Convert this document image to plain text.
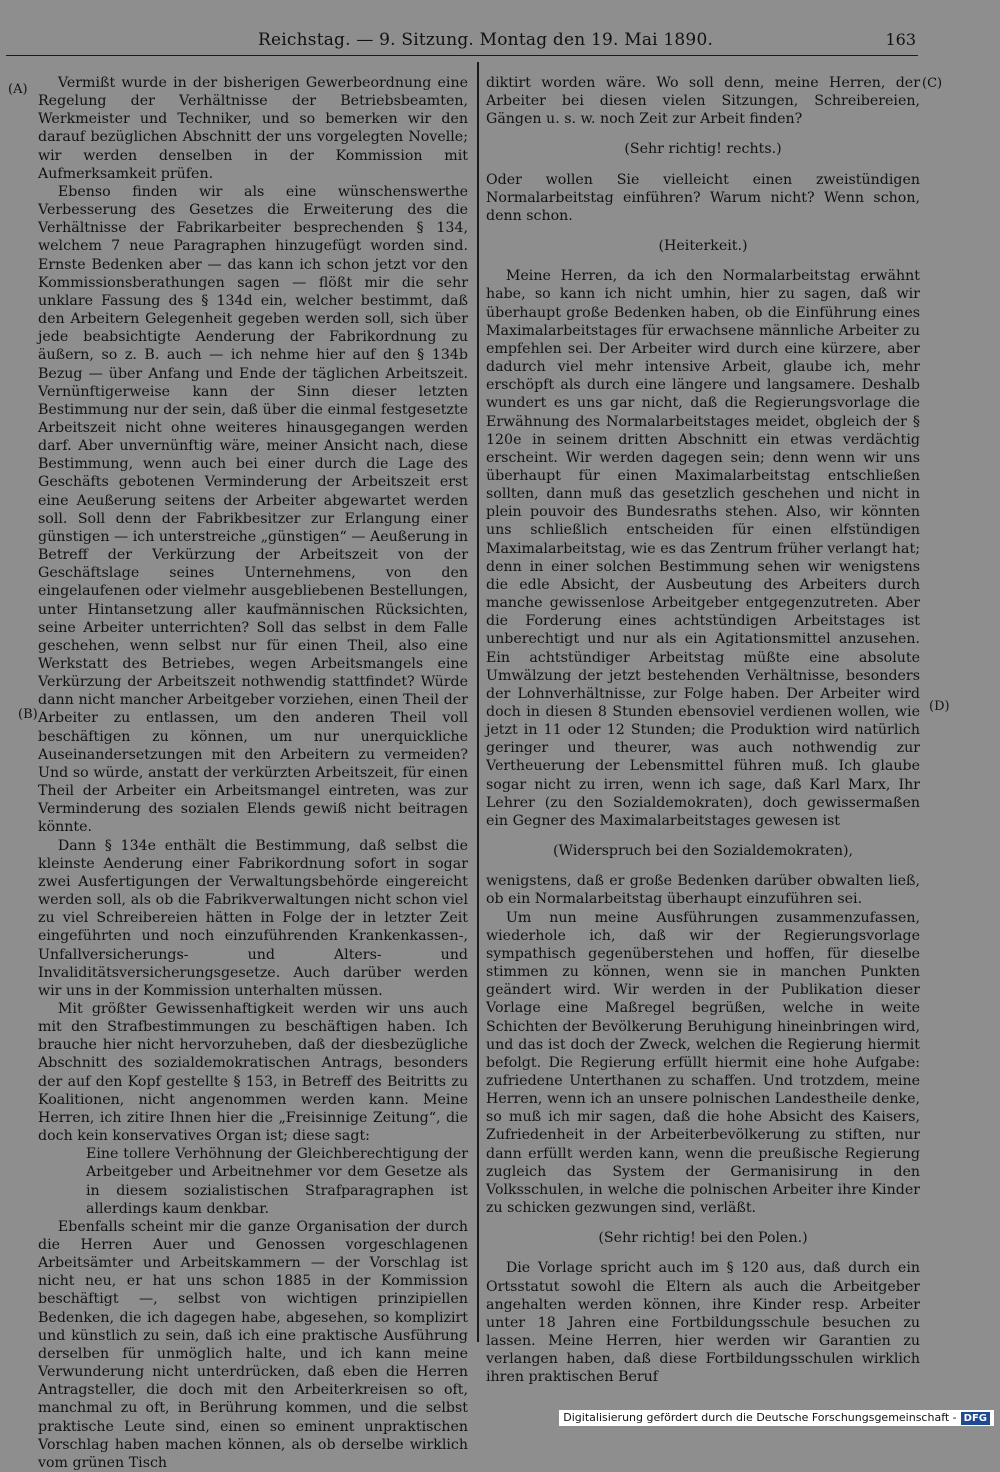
Reichstag. — 9. Sitzung. Montag den 19. Mai 1890.	163
(A)
(B)
(C)
(D)

Vermißt wurde in der bisherigen Gewerbeordnung eine Regelung der Verhältnisse der Betriebsbeamten, Werkmeister und Techniker, und so bemerken wir den darauf bezüglichen Abschnitt der uns vorgelegten Novelle; wir werden denselben in der Kommission mit Aufmerksamkeit prüfen.

Ebenso finden wir als eine wünschenswerthe Verbesserung des Gesetzes die Erweiterung des die Verhältnisse der Fabrikarbeiter besprechenden § 134, welchem 7 neue Paragraphen hinzugefügt worden sind. Ernste Bedenken aber — das kann ich schon jetzt vor den Kommissionsberathungen sagen — flößt mir die sehr unklare Fassung des § 134d ein, welcher bestimmt, daß den Arbeitern Gelegenheit gegeben werden soll, sich über jede beabsichtigte Aenderung der Fabrikordnung zu äußern, so z. B. auch — ich nehme hier auf den § 134b Bezug — über Anfang und Ende der täglichen Arbeitszeit. Vernünftigerweise kann der Sinn dieser letzten Bestimmung nur der sein, daß über die einmal festgesetzte Arbeitszeit nicht ohne weiteres hinausgegangen werden darf. Aber unvernünftig wäre, meiner Ansicht nach, diese Bestimmung, wenn auch bei einer durch die Lage des Geschäfts gebotenen Verminderung der Arbeitszeit erst eine Aeußerung seitens der Arbeiter abgewartet werden soll. Soll denn der Fabrikbesitzer zur Erlangung einer günstigen — ich unterstreiche „günstigen“ — Aeußerung in Betreff der Verkürzung der Arbeitszeit von der Geschäftslage seines Unternehmens, von den eingelaufenen oder vielmehr ausgebliebenen Bestellungen, unter Hintansetzung aller kaufmännischen Rücksichten, seine Arbeiter unterrichten? Soll das selbst in dem Falle geschehen, wenn selbst nur für einen Theil, also eine Werkstatt des Betriebes, wegen Arbeitsmangels eine Verkürzung der Arbeitszeit nothwendig stattfindet? Würde dann nicht mancher Arbeitgeber vorziehen, einen Theil der Arbeiter zu entlassen, um den anderen Theil voll beschäftigen zu können, um nur unerquickliche Auseinandersetzungen mit den Arbeitern zu vermeiden? Und so würde, anstatt der verkürzten Arbeitszeit, für einen Theil der Arbeiter ein Arbeitsmangel eintreten, was zur Verminderung des sozialen Elends gewiß nicht beitragen könnte.

Dann § 134e enthält die Bestimmung, daß selbst die kleinste Aenderung einer Fabrikordnung sofort in sogar zwei Ausfertigungen der Verwaltungsbehörde eingereicht werden soll, als ob die Fabrikverwaltungen nicht schon viel zu viel Schreibereien hätten in Folge der in letzter Zeit eingeführten und noch einzuführenden Krankenkassen-, Unfallversicherungs- und Alters- und Invaliditätsversicherungsgesetze. Auch darüber werden wir uns in der Kommission unterhalten müssen.

Mit größter Gewissenhaftigkeit werden wir uns auch mit den Strafbestimmungen zu beschäftigen haben. Ich brauche hier nicht hervorzuheben, daß der diesbezügliche Abschnitt des sozialdemokratischen Antrags, besonders der auf den Kopf gestellte § 153, in Betreff des Beitritts zu Koalitionen, nicht angenommen werden kann. Meine Herren, ich zitire Ihnen hier die „Freisinnige Zeitung“, die doch kein konservatives Organ ist; diese sagt:

Eine tollere Verhöhnung der Gleichberechtigung der Arbeitgeber und Arbeitnehmer vor dem Gesetze als in diesem sozialistischen Strafparagraphen ist allerdings kaum denkbar.

Ebenfalls scheint mir die ganze Organisation der durch die Herren Auer und Genossen vorgeschlagenen Arbeitsämter und Arbeitskammern — der Vorschlag ist nicht neu, er hat uns schon 1885 in der Kommission beschäftigt —, selbst von wichtigen prinzipiellen Bedenken, die ich dagegen habe, abgesehen, so komplizirt und künstlich zu sein, daß ich eine praktische Ausführung derselben für unmöglich halte, und ich kann meine Verwunderung nicht unterdrücken, daß eben die Herren Antragsteller, die doch mit den Arbeiterkreisen so oft, manchmal zu oft, in Berührung kommen, und die selbst praktische Leute sind, einen so eminent unpraktischen Vorschlag haben machen können, als ob derselbe wirklich vom grünen Tisch

diktirt worden wäre. Wo soll denn, meine Herren, der Arbeiter bei diesen vielen Sitzungen, Schreibereien, Gängen u. s. w. noch Zeit zur Arbeit finden?

(Sehr richtig! rechts.)

Oder wollen Sie vielleicht einen zweistündigen Normalarbeitstag einführen? Warum nicht? Wenn schon, denn schon.

(Heiterkeit.)

Meine Herren, da ich den Normalarbeitstag erwähnt habe, so kann ich nicht umhin, hier zu sagen, daß wir überhaupt große Bedenken haben, ob die Einführung eines Maximalarbeitstages für erwachsene männliche Arbeiter zu empfehlen sei. Der Arbeiter wird durch eine kürzere, aber dadurch viel mehr intensive Arbeit, glaube ich, mehr erschöpft als durch eine längere und langsamere. Deshalb wundert es uns gar nicht, daß die Regierungsvorlage die Erwähnung des Normalarbeitstages meidet, obgleich der § 120e in seinem dritten Abschnitt ein etwas verdächtig erscheint. Wir werden dagegen sein; denn wenn wir uns überhaupt für einen Maximalarbeitstag entschließen sollten, dann muß das gesetzlich geschehen und nicht in plein pouvoir des Bundesraths stehen. Also, wir könnten uns schließlich entscheiden für einen elfstündigen Maximalarbeitstag, wie es das Zentrum früher verlangt hat; denn in einer solchen Bestimmung sehen wir wenigstens die edle Absicht, der Ausbeutung des Arbeiters durch manche gewissenlose Arbeitgeber entgegenzutreten. Aber die Forderung eines achtstündigen Arbeitstages ist unberechtigt und nur als ein Agitationsmittel anzusehen. Ein achtstündiger Arbeitstag müßte eine absolute Umwälzung der jetzt bestehenden Verhältnisse, besonders der Lohnverhältnisse, zur Folge haben. Der Arbeiter wird doch in diesen 8 Stunden ebensoviel verdienen wollen, wie jetzt in 11 oder 12 Stunden; die Produktion wird natürlich geringer und theurer, was auch nothwendig zur Vertheuerung der Lebensmittel führen muß. Ich glaube sogar nicht zu irren, wenn ich sage, daß Karl Marx, Ihr Lehrer (zu den Sozialdemokraten), doch gewissermaßen ein Gegner des Maximalarbeitstages gewesen ist

(Widerspruch bei den Sozialdemokraten),

wenigstens, daß er große Bedenken darüber obwalten ließ, ob ein Normalarbeitstag überhaupt einzuführen sei.

Um nun meine Ausführungen zusammenzufassen, wiederhole ich, daß wir der Regierungsvorlage sympathisch gegenüberstehen und hoffen, für dieselbe stimmen zu können, wenn sie in manchen Punkten geändert wird. Wir werden in der Publikation dieser Vorlage eine Maßregel begrüßen, welche in weite Schichten der Bevölkerung Beruhigung hineinbringen wird, und das ist doch der Zweck, welchen die Regierung hiermit befolgt. Die Regierung erfüllt hiermit eine hohe Aufgabe: zufriedene Unterthanen zu schaffen. Und trotzdem, meine Herren, wenn ich an unsere polnischen Landestheile denke, so muß ich mir sagen, daß die hohe Absicht des Kaisers, Zufriedenheit in der Arbeiterbevölkerung zu stiften, nur dann erfüllt werden kann, wenn die preußische Regierung zugleich das System der Germanisirung in den Volksschulen, in welche die polnischen Arbeiter ihre Kinder zu schicken gezwungen sind, verläßt.

(Sehr richtig! bei den Polen.)

Die Vorlage spricht auch im § 120 aus, daß durch ein Ortsstatut sowohl die Eltern als auch die Arbeitgeber angehalten werden können, ihre Kinder resp. Arbeiter unter 18 Jahren eine Fortbildungsschule besuchen zu lassen. Meine Herren, hier werden wir Garantien zu verlangen haben, daß diese Fortbildungsschulen wirklich ihren praktischen Beruf

Digitalisierung gefördert durch die Deutsche Forschungsgemeinschaft - DFG
